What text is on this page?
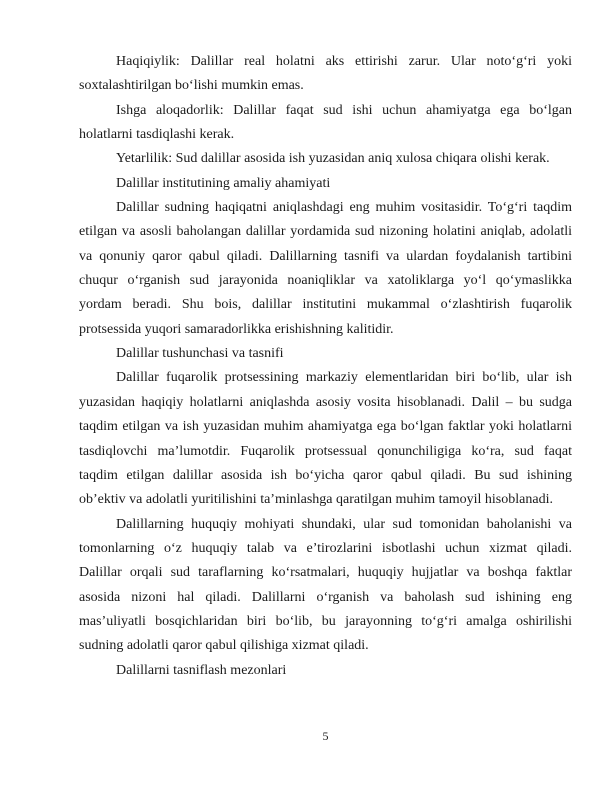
Haqiqiylik: Dalillar real holatni aks ettirishi zarur. Ular noto‘g‘ri yoki
soxtalashtirilgan bo‘lishi mumkin emas.
Ishga aloqadorlik: Dalillar faqat sud ishi uchun ahamiyatga ega bo‘lgan
holatlarni tasdiqlashi kerak.
Yetarlilik: Sud dalillar asosida ish yuzasidan aniq xulosa chiqara olishi kerak.
Dalillar institutining amaliy ahamiyati
Dalillar sudning haqiqatni aniqlashdagi eng muhim vositasidir. To‘g‘ri taqdim
etilgan va asosli baholangan dalillar yordamida sud nizoning holatini aniqlab, adolatli
va qonuniy qaror qabul qiladi. Dalillarning tasnifi va ulardan foydalanish tartibini
chuqur o‘rganish sud jarayonida noaniqliklar va xatoliklarga yo‘l qo‘ymaslikka
yordam beradi. Shu bois, dalillar institutini mukammal o‘zlashtirish fuqarolik
protsessida yuqori samaradorlikka erishishning kalitidir.
Dalillar tushunchasi va tasnifi
Dalillar fuqarolik protsessining markaziy elementlaridan biri bo‘lib, ular ish
yuzasidan haqiqiy holatlarni aniqlashda asosiy vosita hisoblanadi. Dalil – bu sudga
taqdim etilgan va ish yuzasidan muhim ahamiyatga ega bo‘lgan faktlar yoki holatlarni
tasdiqlovchi ma’lumotdir. Fuqarolik protsessual qonunchiligiga ko‘ra, sud faqat
taqdim etilgan dalillar asosida ish bo‘yicha qaror qabul qiladi. Bu sud ishining
ob’ektiv va adolatli yuritilishini ta’minlashga qaratilgan muhim tamoyil hisoblanadi.
Dalillarning huquqiy mohiyati shundaki, ular sud tomonidan baholanishi va
tomonlarning o‘z huquqiy talab va e’tirozlarini isbotlashi uchun xizmat qiladi.
Dalillar orqali sud taraflarning ko‘rsatmalari, huquqiy hujjatlar va boshqa faktlar
asosida nizoni hal qiladi. Dalillarni o‘rganish va baholash sud ishining eng
mas’uliyatli bosqichlaridan biri bo‘lib, bu jarayonning to‘g‘ri amalga oshirilishi
sudning adolatli qaror qabul qilishiga xizmat qiladi.
Dalillarni tasniflash mezonlari
5
